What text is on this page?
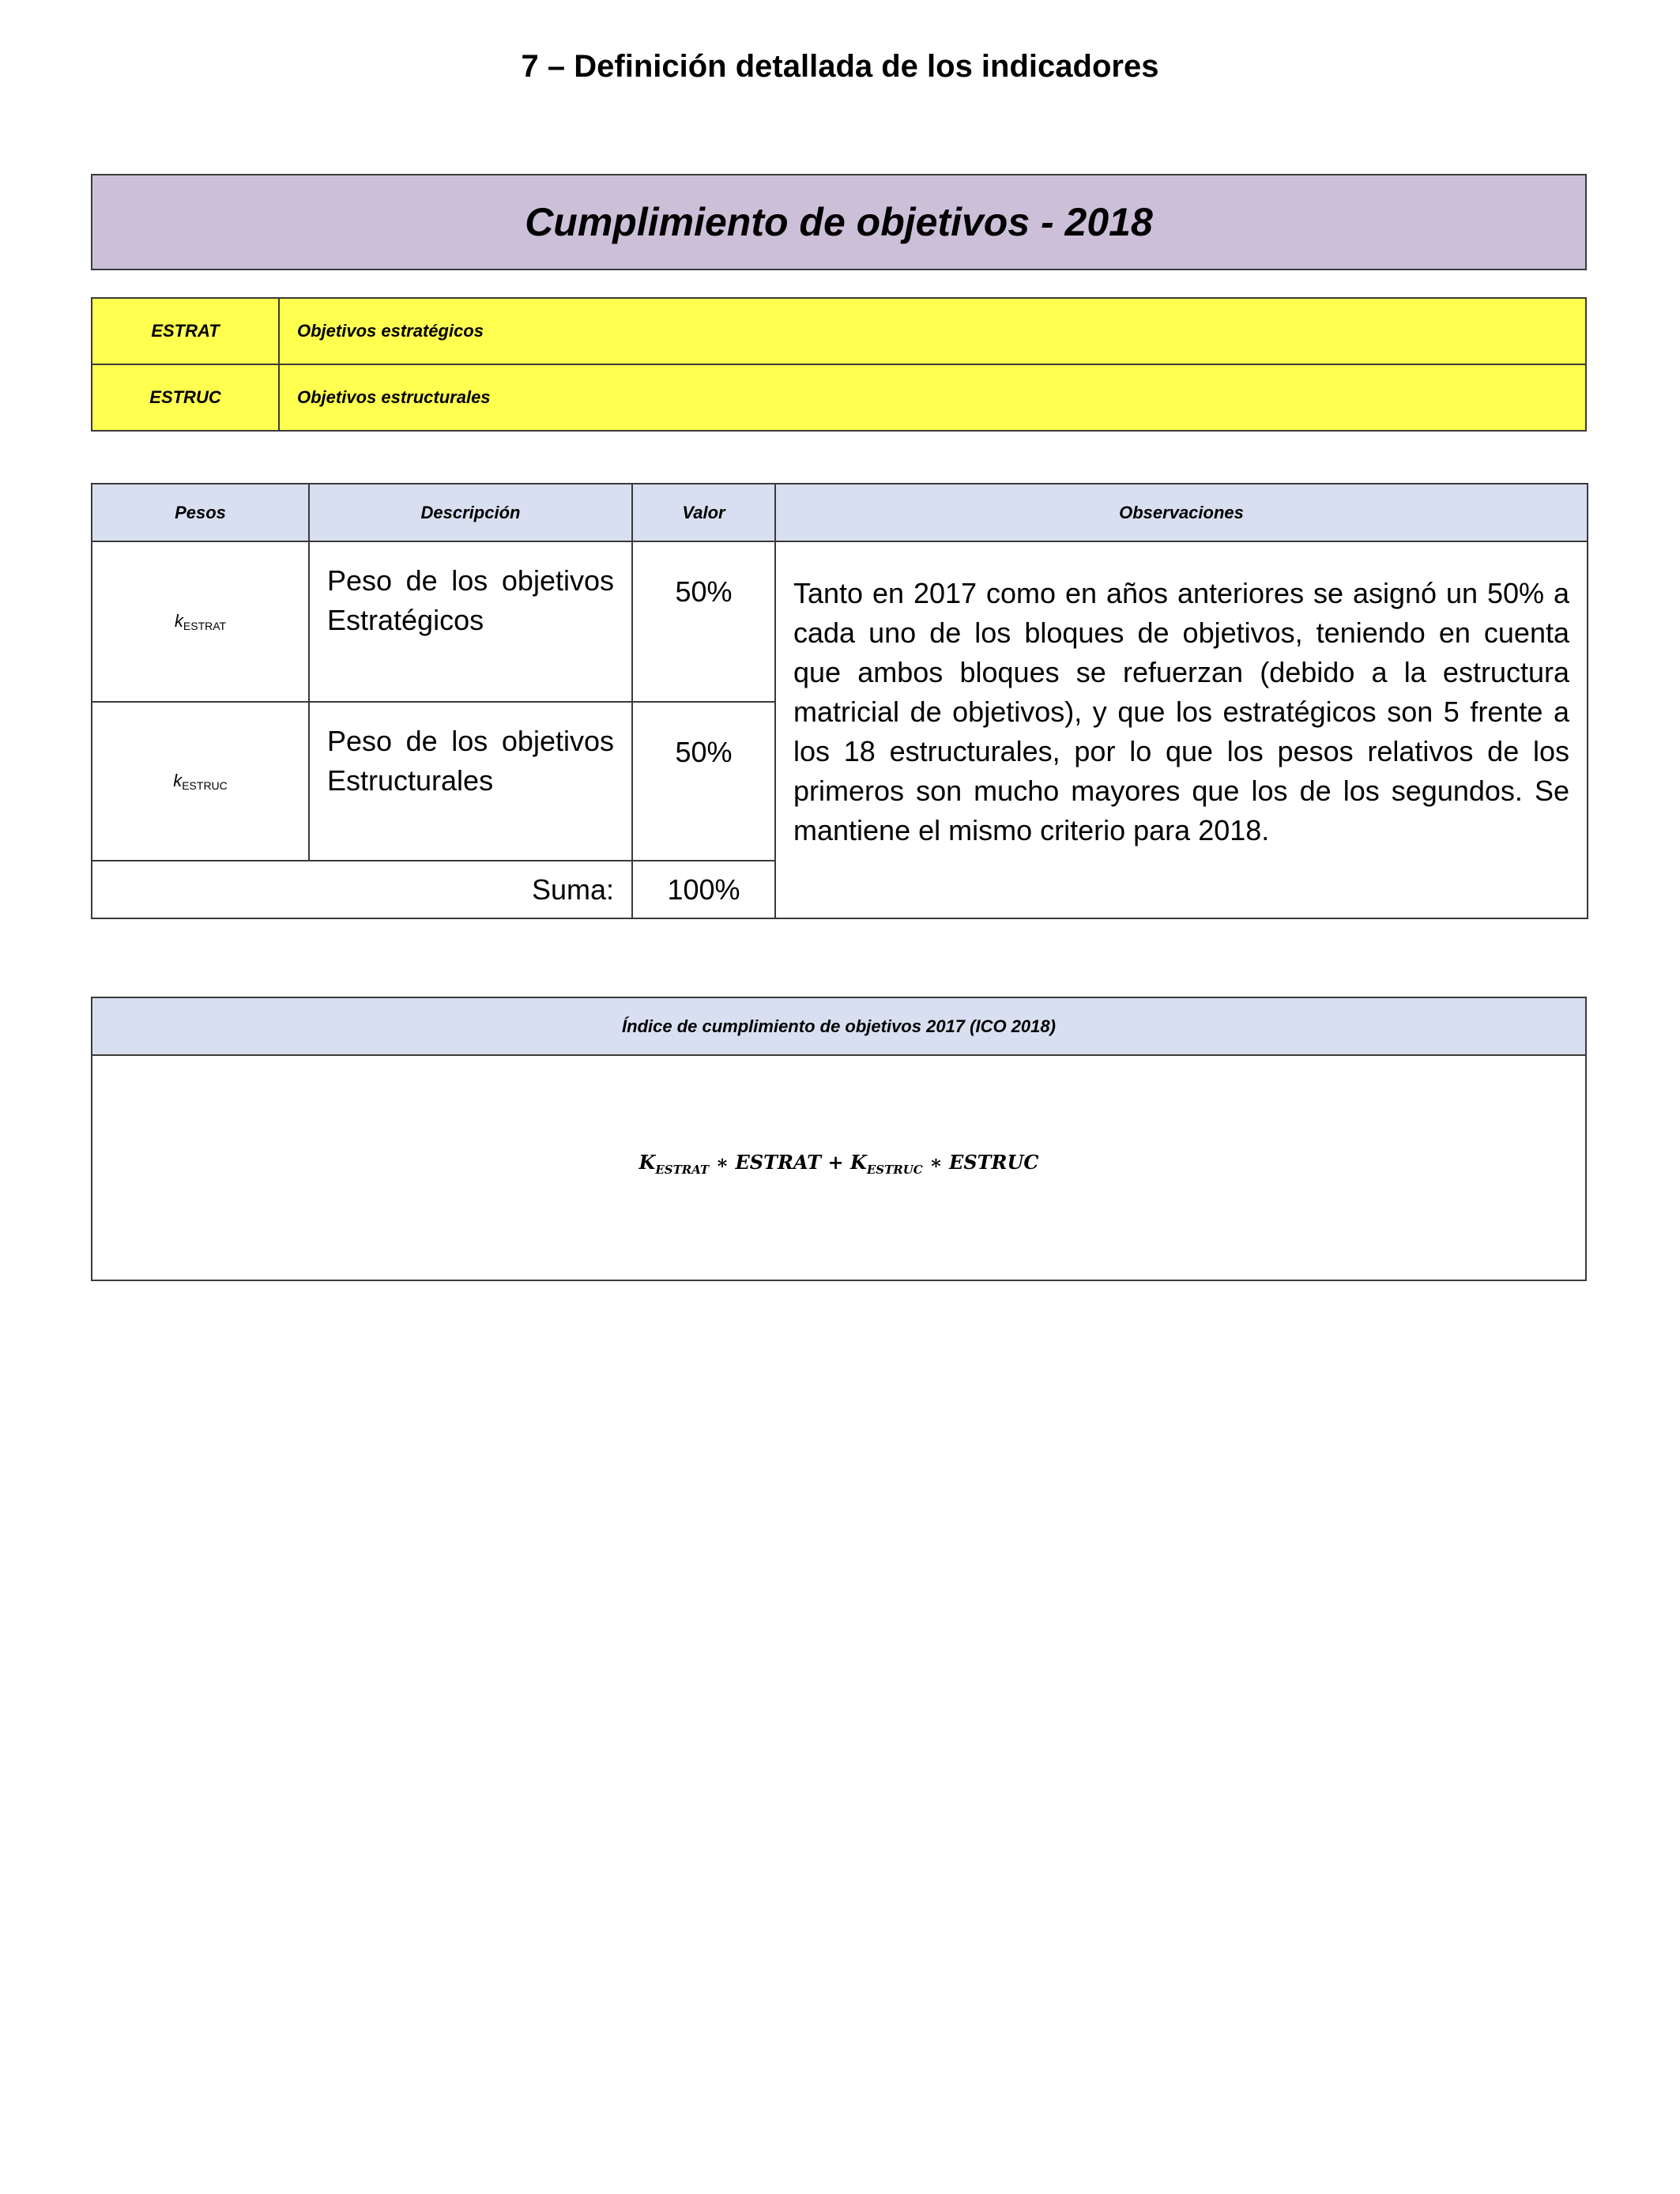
7 – Definición detallada de los indicadores
Cumplimiento de objetivos - 2018
ESTRAT	Objetivos estratégicos
ESTRUC	Objetivos estructurales
Pesos	Descripción	Valor	Observaciones
$k_{ESTRAT}$	Peso de los objetivos Estratégicos	50%	Tanto en 2017 como en años anteriores se asignó un 50% a cada uno de los bloques de objetivos, teniendo en cuenta que ambos bloques se refuerzan (debido a la estructura matricial de objetivos), y que los estratégicos son 5 frente a los 18 estructurales, por lo que los pesos relativos de los primeros son mucho mayores que los de los segundos. Se mantiene el mismo criterio para 2018.
$k_{ESTRUC}$	Peso de los objetivos Estructurales	50%	
Suma:		100%	
Índice de cumplimiento de objetivos 2017 (ICO 2018)
$K_{ESTRAT}$ ∗ ESTRAT + $K_{ESTRUC}$ ∗ ESTRUC
